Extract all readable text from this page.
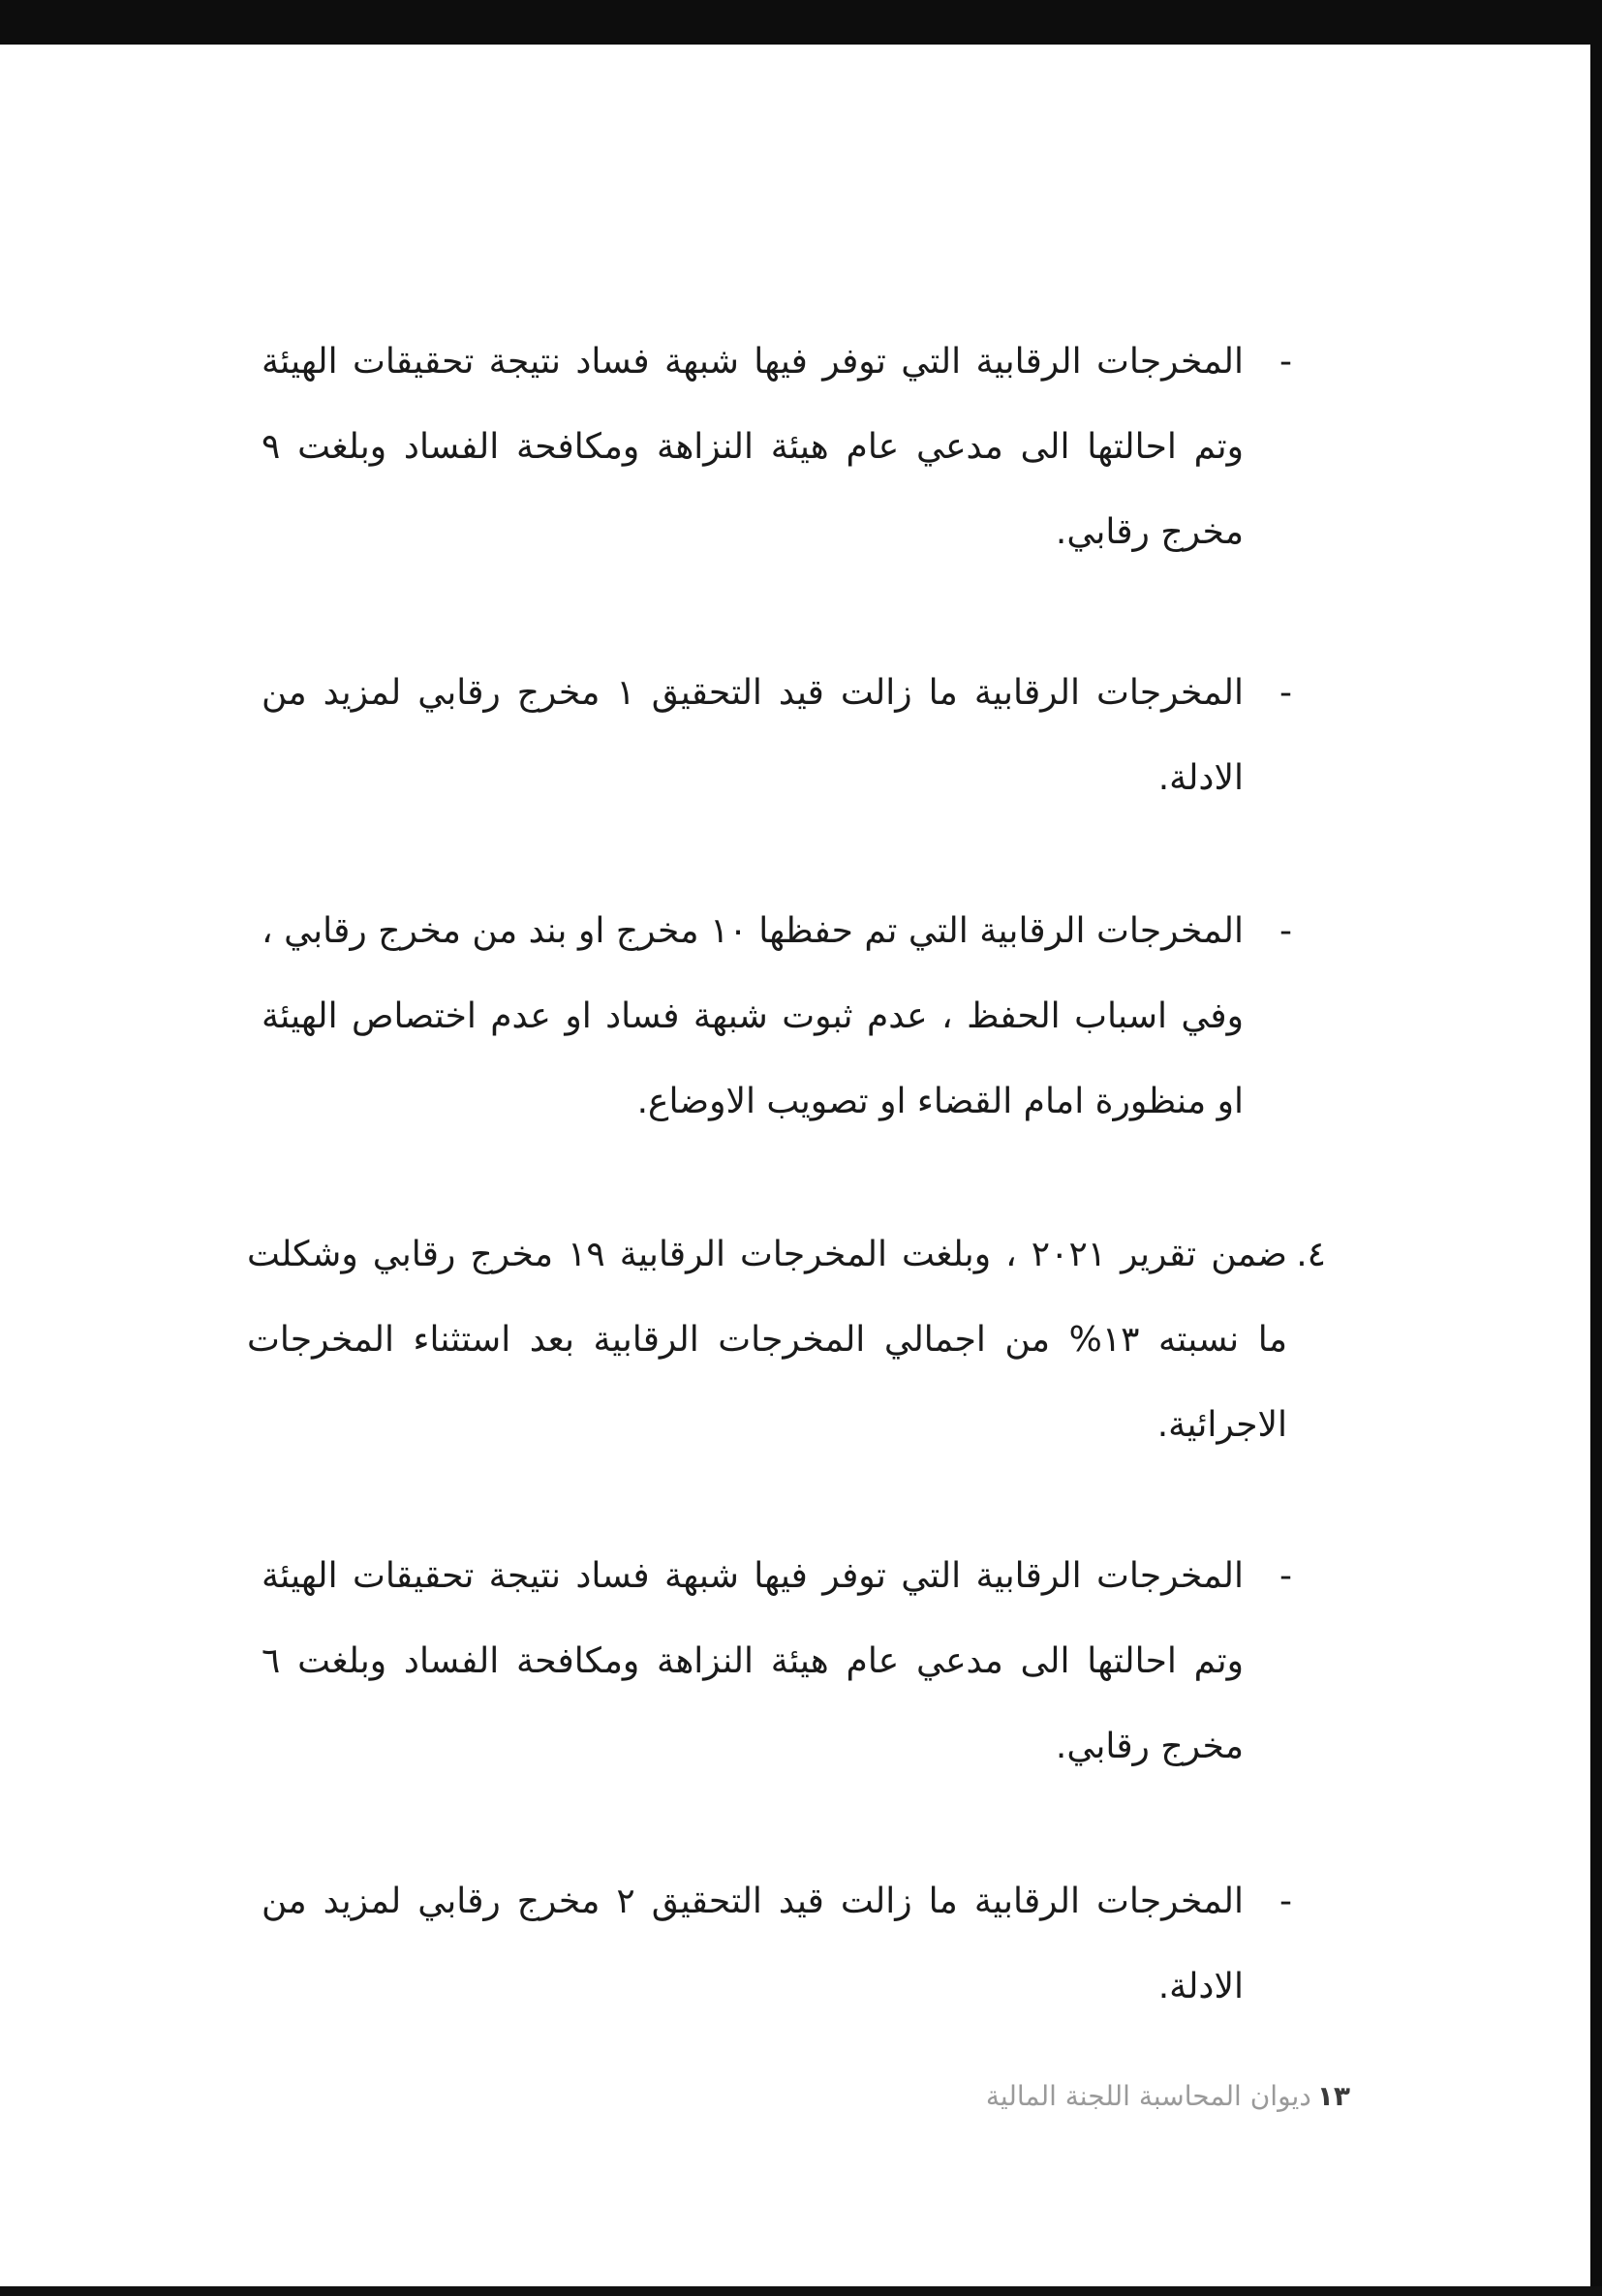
-
المخرجات الرقابية التي توفر فيها شبهة فساد نتيجة تحقيقات الهيئة وتم احالتها الى مدعي عام هيئة النزاهة ومكافحة الفساد وبلغت ٩ مخرج رقابي.
-
المخرجات الرقابية ما زالت قيد التحقيق ١ مخرج رقابي لمزيد من الادلة.
-
المخرجات الرقابية التي تم حفظها ١٠ مخرج او بند من مخرج رقابي ، وفي اسباب الحفظ ، عدم ثبوت شبهة فساد او عدم اختصاص الهيئة او منظورة امام القضاء او تصويب الاوضاع.
٤.
ضمن تقرير ٢٠٢١ ، وبلغت المخرجات الرقابية ١٩ مخرج رقابي وشكلت ما نسبته ١٣% من اجمالي المخرجات الرقابية بعد استثناء المخرجات الاجرائية.
-
المخرجات الرقابية التي توفر فيها شبهة فساد نتيجة تحقيقات الهيئة وتم احالتها الى مدعي عام هيئة النزاهة ومكافحة الفساد وبلغت ٦ مخرج رقابي.
-
المخرجات الرقابية ما زالت قيد التحقيق ٢ مخرج رقابي لمزيد من الادلة.
١٣ديوان المحاسبة اللجنة المالية
